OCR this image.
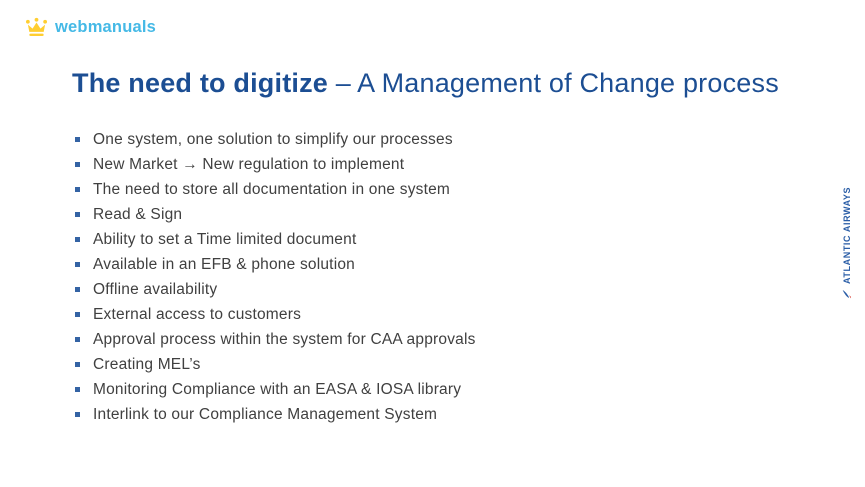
webmanuals
The need to digitize – A Management of Change process
One system, one solution to simplify our processes
New Market → New regulation to implement
The need to store all documentation in one system
Read & Sign
Ability to set a Time limited document
Available in an EFB & phone solution
Offline availability
External access to customers
Approval process within the system for CAA approvals
Creating MEL’s
Monitoring Compliance with an EASA & IOSA library
Interlink to our Compliance Management System
ATLANTIC AIRWAYS
